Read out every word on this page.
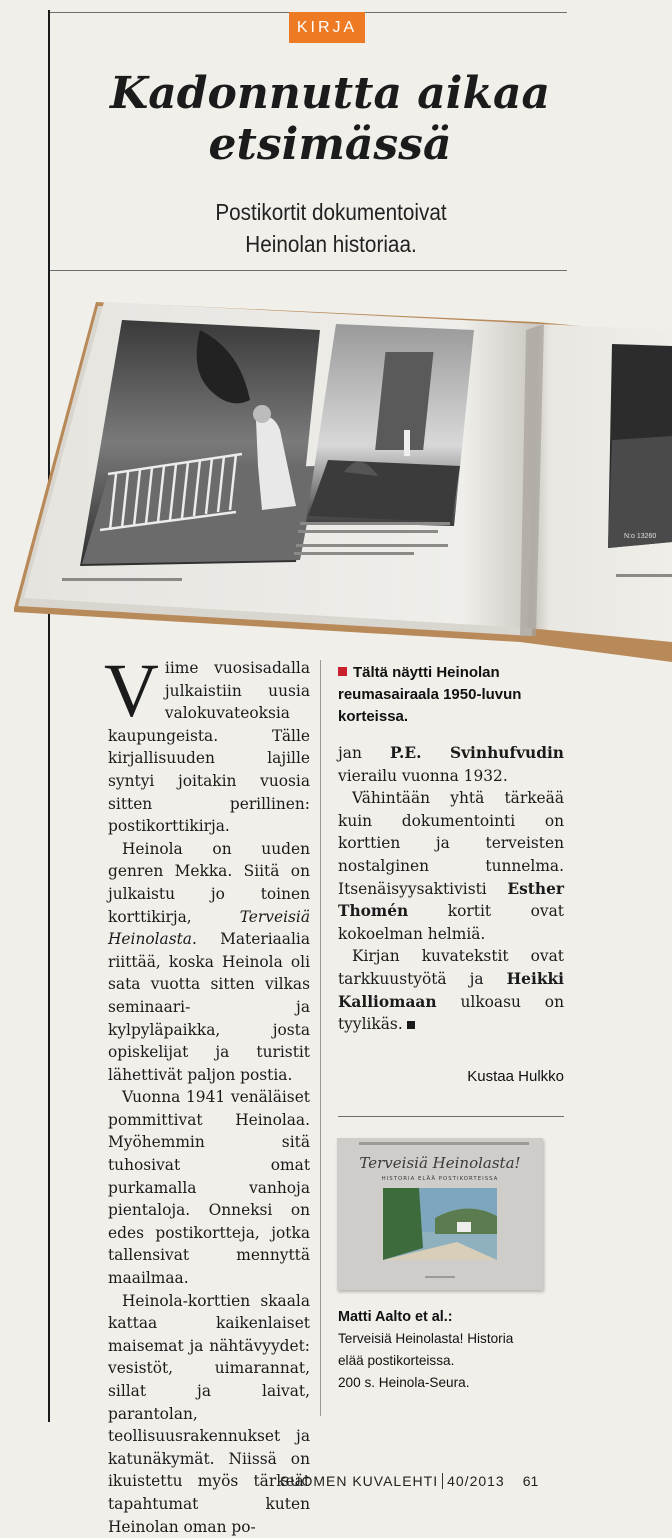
KIRJA
Kadonnutta aikaa
etsimässä
Postikortit dokumentoivat
Heinolan historiaa.
N:o 13260

Viime vuosisadalla julkaistiin uusia valokuvateoksia kaupungeista. Tälle kirjallisuuden lajille syntyi joitakin vuosia sitten perillinen: postikorttikirja.

Heinola on uuden genren Mekka. Siitä on julkaistu jo toinen korttikirja, Terveisiä Heinolasta. Materiaalia riittää, koska Heinola oli sata vuotta sitten vilkas seminaari- ja kylpyläpaikka, josta opiskelijat ja turistit lähettivät paljon postia.

Vuonna 1941 venäläiset pommittivat Heinolaa. Myöhemmin sitä tuhosivat omat purkamalla vanhoja pientaloja. Onneksi on edes postikortteja, jotka tallensivat mennyttä maailmaa.

Heinola-korttien skaala kattaa kaikenlaiset maisemat ja nähtävyydet: vesistöt, uimarannat, sillat ja laivat, parantolan, teollisuusrakennukset ja katunäkymät. Niissä on ikuistettu myös tärkeät tapahtumat kuten Heinolan oman po-

Tältä näytti Heinolan reumasairaala 1950-luvun korteissa.

jan P.E. Svinhufvudin vierailu vuonna 1932.

Vähintään yhtä tärkeää kuin dokumentointi on korttien ja terveisten nostalginen tunnelma. Itsenäisyysaktivisti Esther Thomén kortit ovat kokoelman helmiä.

Kirjan kuvatekstit ovat tarkkuustyötä ja Heikki Kalliomaan ulkoasu on tyylikäs.

Kustaa Hulkko
Terveisiä Heinolasta!
HISTORIA ELÄÄ POSTIKORTEISSA
Matti Aalto et al.:
Terveisiä Heinolasta! Historia
elää postikorteissa.
200 s. Heinola-Seura.
SUOMEN KUVALEHTI 40/2013 61
